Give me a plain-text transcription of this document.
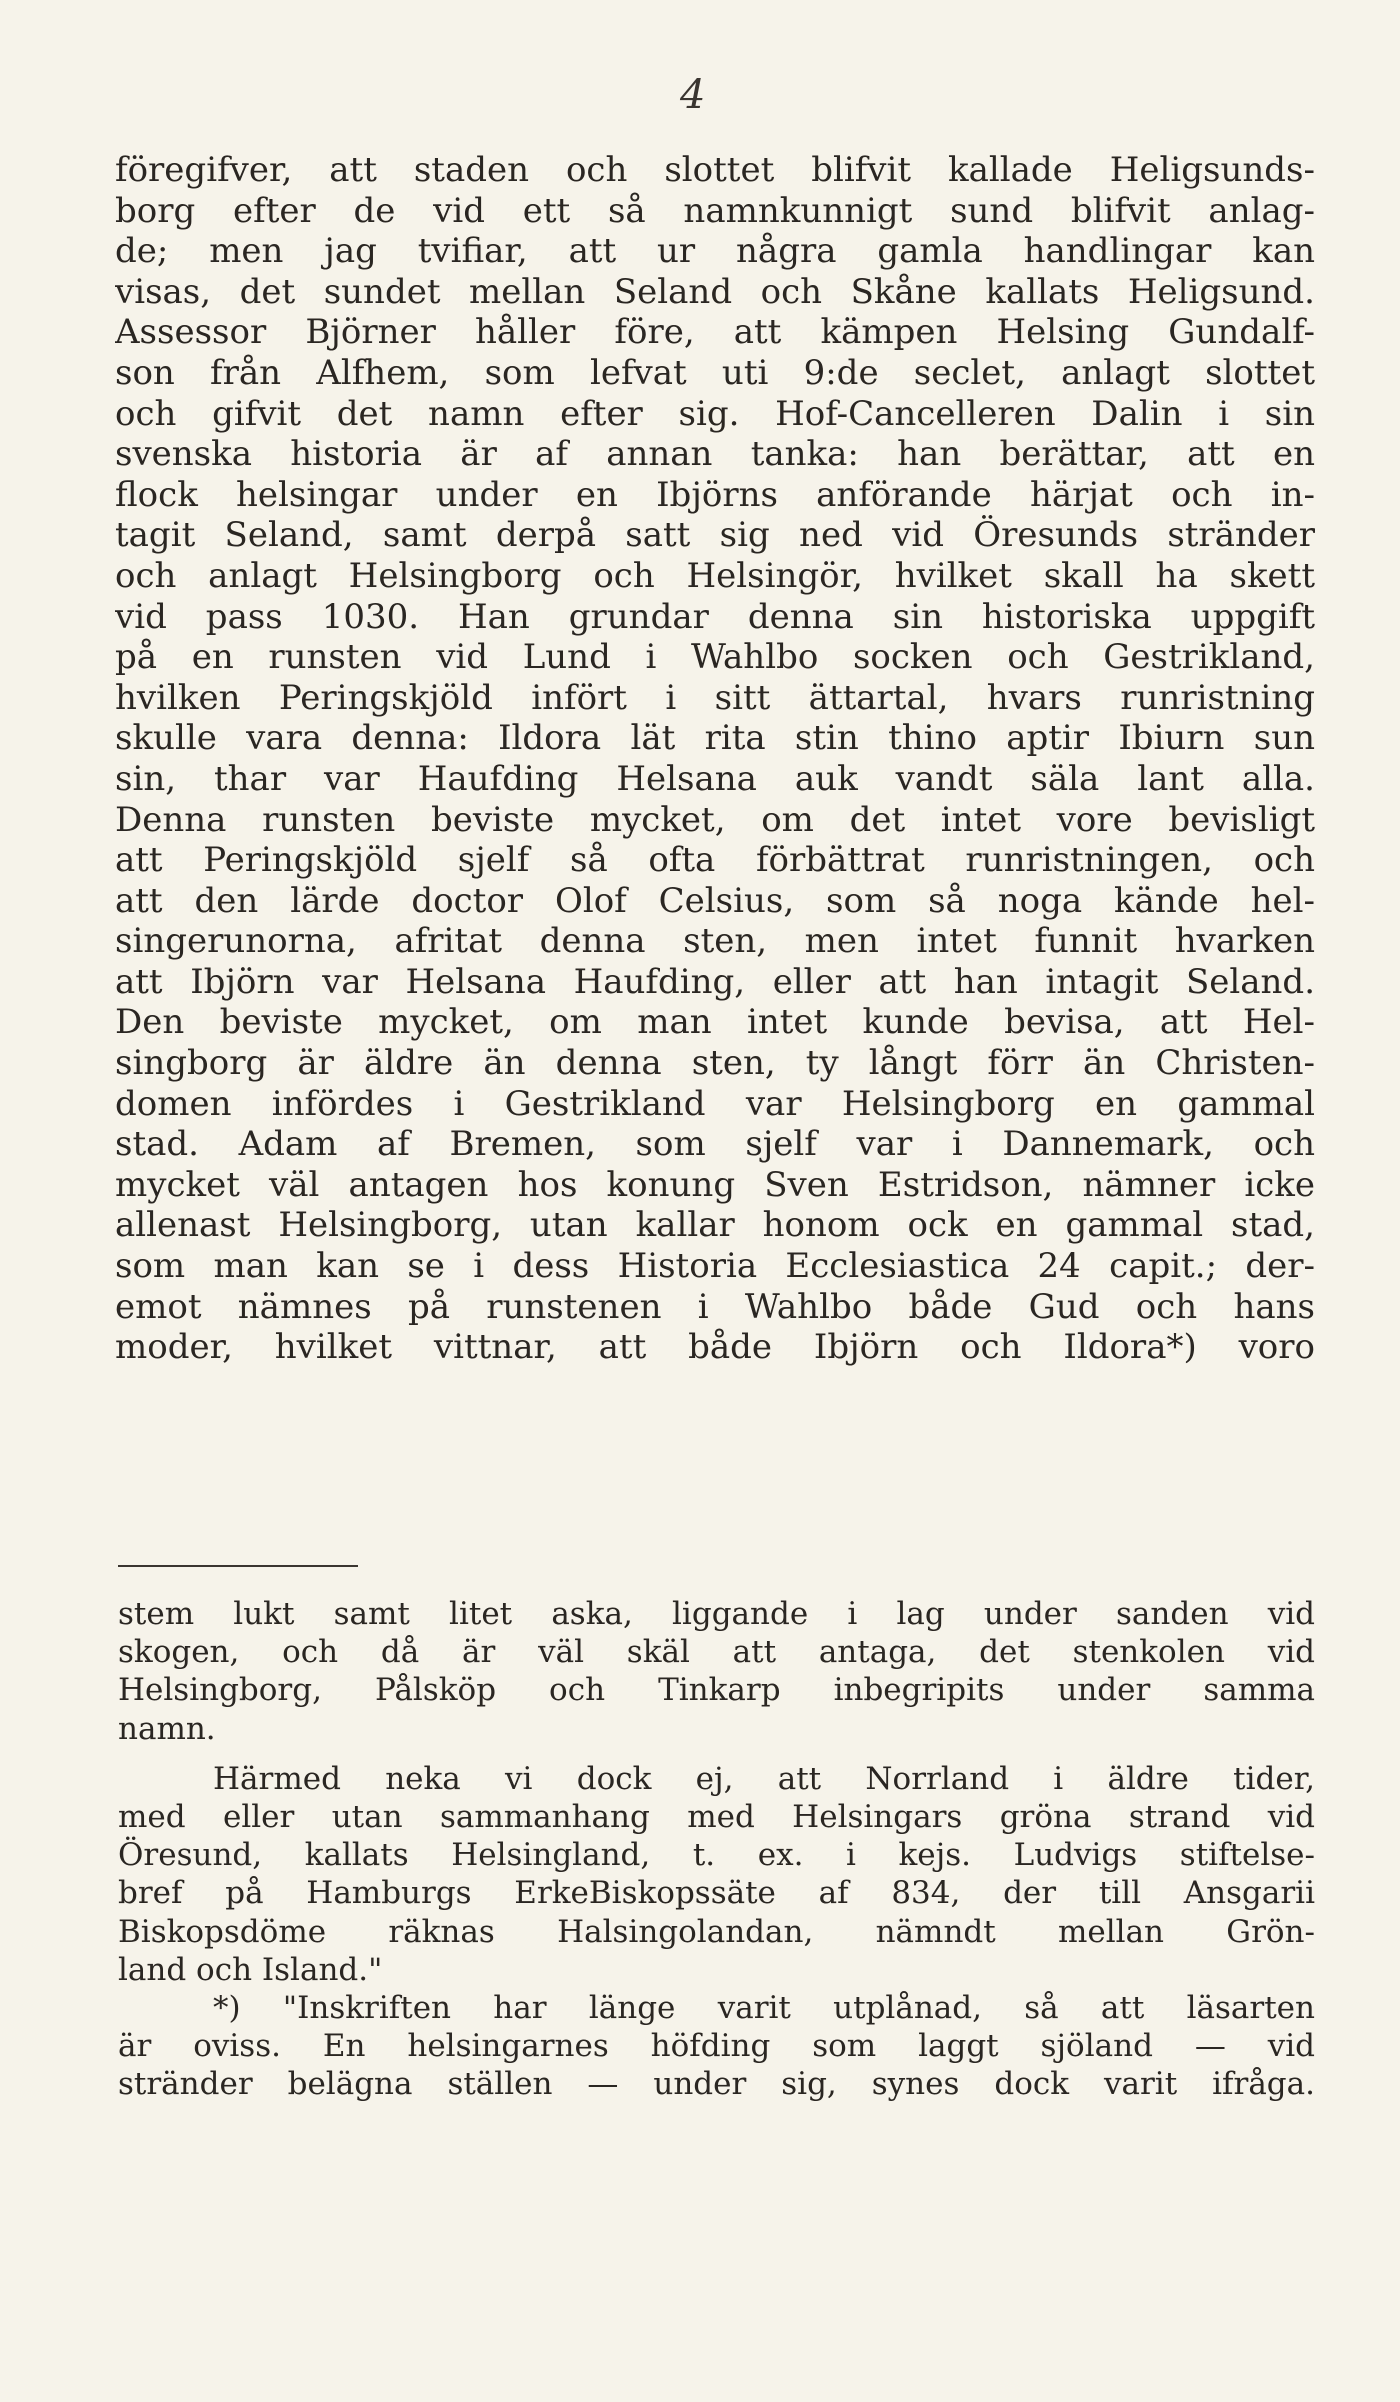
4
föregifver, att staden och slottet blifvit kallade Heligsunds-
borg efter de vid ett så namnkunnigt sund blifvit anlag-
de; men jag tvifiar, att ur några gamla handlingar kan
visas, det sundet mellan Seland och Skåne kallats Heligsund.
Assessor Björner håller före, att kämpen Helsing Gundalf-
son från Alfhem, som lefvat uti 9:de seclet, anlagt slottet
och gifvit det namn efter sig. Hof-Cancelleren Dalin i sin
svenska historia är af annan tanka: han berättar, att en
flock helsingar under en Ibjörns anförande härjat och in-
tagit Seland, samt derpå satt sig ned vid Öresunds stränder
och anlagt Helsingborg och Helsingör, hvilket skall ha skett
vid pass 1030. Han grundar denna sin historiska uppgift
på en runsten vid Lund i Wahlbo socken och Gestrikland,
hvilken Peringskjöld infört i sitt ättartal, hvars runristning
skulle vara denna: Ildora lät rita stin thino aptir Ibiurn sun
sin, thar var Haufding Helsana auk vandt säla lant alla.
Denna runsten beviste mycket, om det intet vore bevisligt
att Peringskjöld sjelf så ofta förbättrat runristningen, och
att den lärde doctor Olof Celsius, som så noga kände hel-
singerunorna, afritat denna sten, men intet funnit hvarken
att Ibjörn var Helsana Haufding, eller att han intagit Seland.
Den beviste mycket, om man intet kunde bevisa, att Hel-
singborg är äldre än denna sten, ty långt förr än Christen-
domen infördes i Gestrikland var Helsingborg en gammal
stad. Adam af Bremen, som sjelf var i Dannemark, och
mycket väl antagen hos konung Sven Estridson, nämner icke
allenast Helsingborg, utan kallar honom ock en gammal stad,
som man kan se i dess Historia Ecclesiastica 24 capit.; der-
emot nämnes på runstenen i Wahlbo både Gud och hans
moder, hvilket vittnar, att både Ibjörn och Ildora*) voro
stem lukt samt litet aska, liggande i lag under sanden vid
skogen, och då är väl skäl att antaga, det stenkolen vid
Helsingborg, Pålsköp och Tinkarp inbegripits under samma
namn.
Härmed neka vi dock ej, att Norrland i äldre tider,
med eller utan sammanhang med Helsingars gröna strand vid
Öresund, kallats Helsingland, t. ex. i kejs. Ludvigs stiftelse-
bref på Hamburgs ErkeBiskopssäte af 834, der till Ansgarii
Biskopsdöme räknas Halsingolandan, nämndt mellan Grön-
land och Island."
*) "Inskriften har länge varit utplånad, så att läsarten
är oviss. En helsingarnes höfding som laggt sjöland — vid
stränder belägna ställen — under sig, synes dock varit ifråga.
